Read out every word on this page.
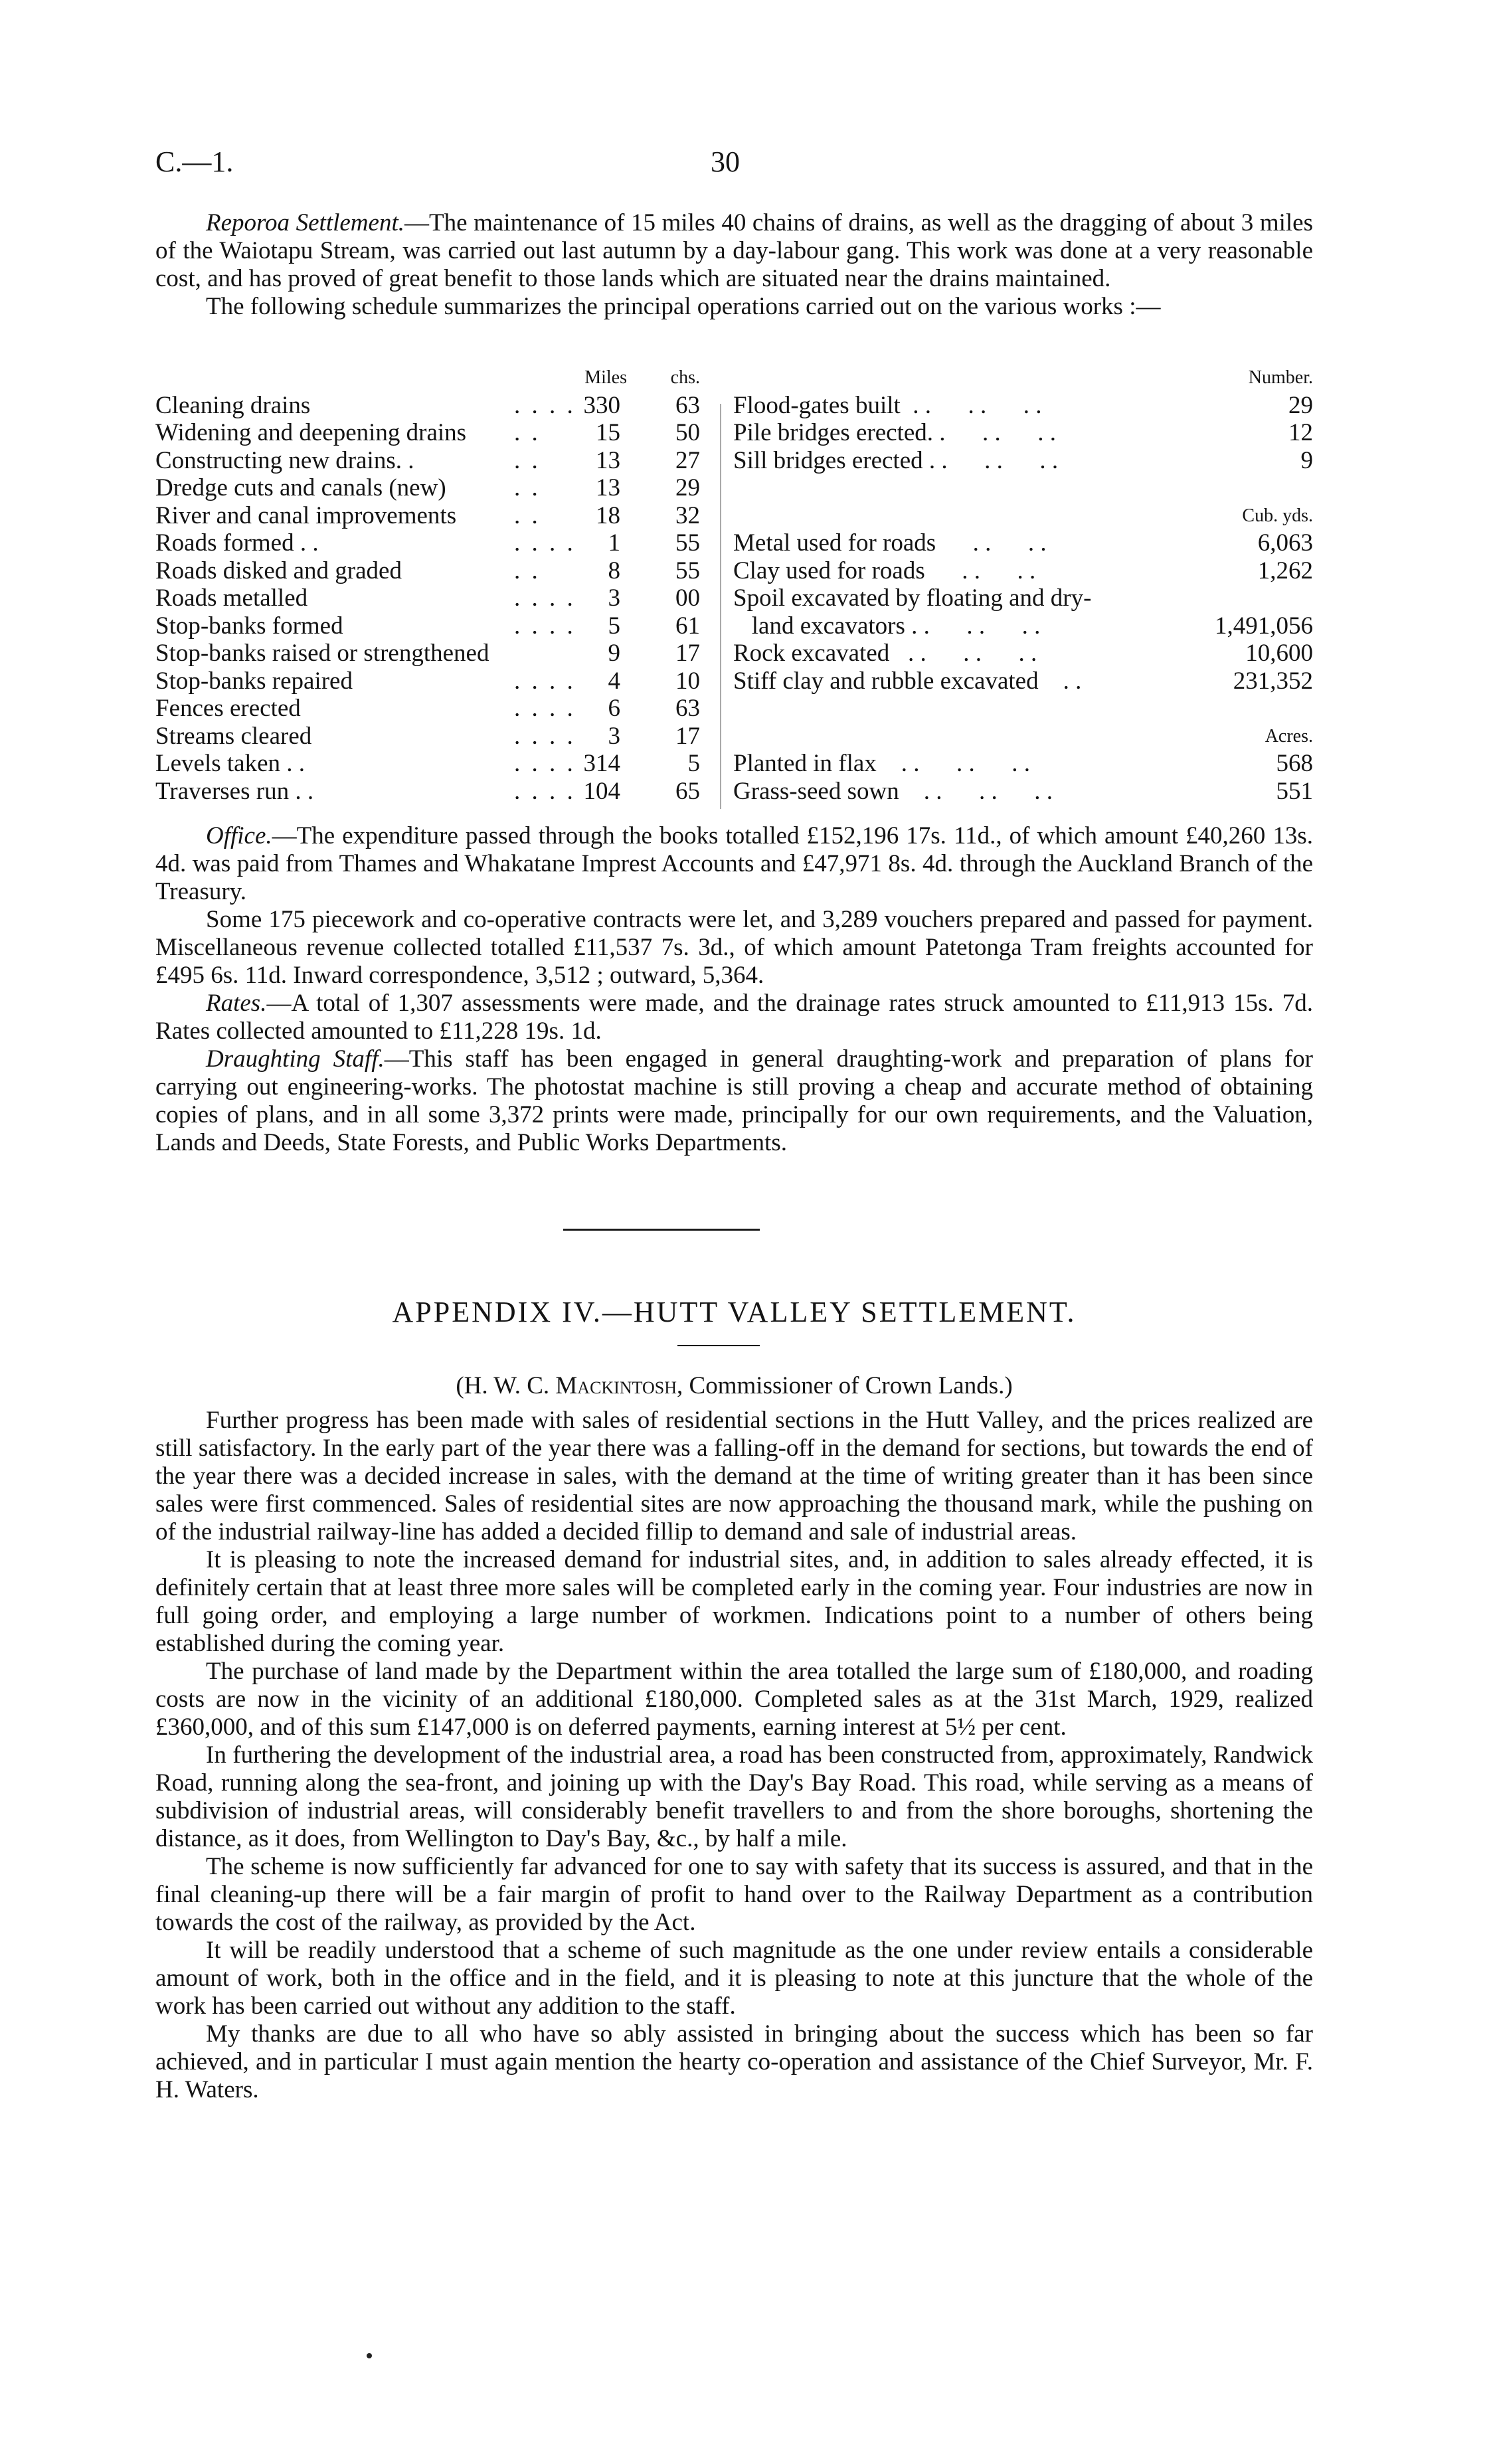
C.—1.	30

Reporoa Settlement.—The maintenance of 15 miles 40 chains of drains, as well as the dragging of about 3 miles of the Waiotapu Stream, was carried out last autumn by a day-labour gang. This work was done at a very reasonable cost, and has proved of great benefit to those lands which are situated near the drains maintained.

The following schedule summarizes the principal operations carried out on the various works :—

Miles	chs.
Cleaning drains	. . . . 330	63
Widening and deepening drains . .	15	50
Constructing new drains. .	. .	13	27
Dredge cuts and canals (new)	. .	13	29
River and canal improvements . .	18	32
Roads formed . .	. . . .	1	55
Roads disked and graded	. .	8	55
Roads metalled	. . . .	3	00
Stop-banks formed	. . . .	5	61
Stop-banks raised or strengthened	9	17
Stop-banks repaired	. . . .	4	10
Fences erected	. . . .	6	63
Streams cleared	. . . .	3	17
Levels taken . .	. . . . 314	5
Traverses run . .	. . . . 104	65
Number.
Flood-gates built  . .      . .      . .	29
Pile bridges erected. .      . .      . .	12
Sill bridges erected . .      . .      . .	9
Cub. yds.
Metal used for roads      . .      . .	6,063
Clay used for roads      . .      . .	1,262
Spoil excavated by floating and dry-
land excavators . .      . .      . .	1,491,056
Rock excavated   . .      . .      . .	10,600
Stiff clay and rubble excavated    . .	231,352
Acres.
Planted in flax    . .      . .      . .	568
Grass-seed sown    . .      . .      . .	551

Office.—The expenditure passed through the books totalled £152,196 17s. 11d., of which amount £40,260 13s. 4d. was paid from Thames and Whakatane Imprest Accounts and £47,971 8s. 4d. through the Auckland Branch of the Treasury.

Some 175 piecework and co-operative contracts were let, and 3,289 vouchers prepared and passed for payment. Miscellaneous revenue collected totalled £11,537 7s. 3d., of which amount Patetonga Tram freights accounted for £495 6s. 11d. Inward correspondence, 3,512 ; outward, 5,364.

Rates.—A total of 1,307 assessments were made, and the drainage rates struck amounted to £11,913 15s. 7d. Rates collected amounted to £11,228 19s. 1d.

Draughting Staff.—This staff has been engaged in general draughting-work and preparation of plans for carrying out engineering-works. The photostat machine is still proving a cheap and accurate method of obtaining copies of plans, and in all some 3,372 prints were made, principally for our own requirements, and the Valuation, Lands and Deeds, State Forests, and Public Works Departments.

APPENDIX IV.—HUTT VALLEY SETTLEMENT.
(H. W. C. Mackintosh, Commissioner of Crown Lands.)

Further progress has been made with sales of residential sections in the Hutt Valley, and the prices realized are still satisfactory. In the early part of the year there was a falling-off in the demand for sections, but towards the end of the year there was a decided increase in sales, with the demand at the time of writing greater than it has been since sales were first commenced. Sales of residential sites are now approaching the thousand mark, while the pushing on of the industrial railway-line has added a decided fillip to demand and sale of industrial areas.

It is pleasing to note the increased demand for industrial sites, and, in addition to sales already effected, it is definitely certain that at least three more sales will be completed early in the coming year. Four industries are now in full going order, and employing a large number of workmen. Indications point to a number of others being established during the coming year.

The purchase of land made by the Department within the area totalled the large sum of £180,000, and roading costs are now in the vicinity of an additional £180,000. Completed sales as at the 31st March, 1929, realized £360,000, and of this sum £147,000 is on deferred payments, earning interest at 5½ per cent.

In furthering the development of the industrial area, a road has been constructed from, approximately, Randwick Road, running along the sea-front, and joining up with the Day's Bay Road. This road, while serving as a means of subdivision of industrial areas, will considerably benefit travellers to and from the shore boroughs, shortening the distance, as it does, from Wellington to Day's Bay, &c., by half a mile.

The scheme is now sufficiently far advanced for one to say with safety that its success is assured, and that in the final cleaning-up there will be a fair margin of profit to hand over to the Railway Department as a contribution towards the cost of the railway, as provided by the Act.

It will be readily understood that a scheme of such magnitude as the one under review entails a considerable amount of work, both in the office and in the field, and it is pleasing to note at this juncture that the whole of the work has been carried out without any addition to the staff.

My thanks are due to all who have so ably assisted in bringing about the success which has been so far achieved, and in particular I must again mention the hearty co-operation and assistance of the Chief Surveyor, Mr. F. H. Waters.
